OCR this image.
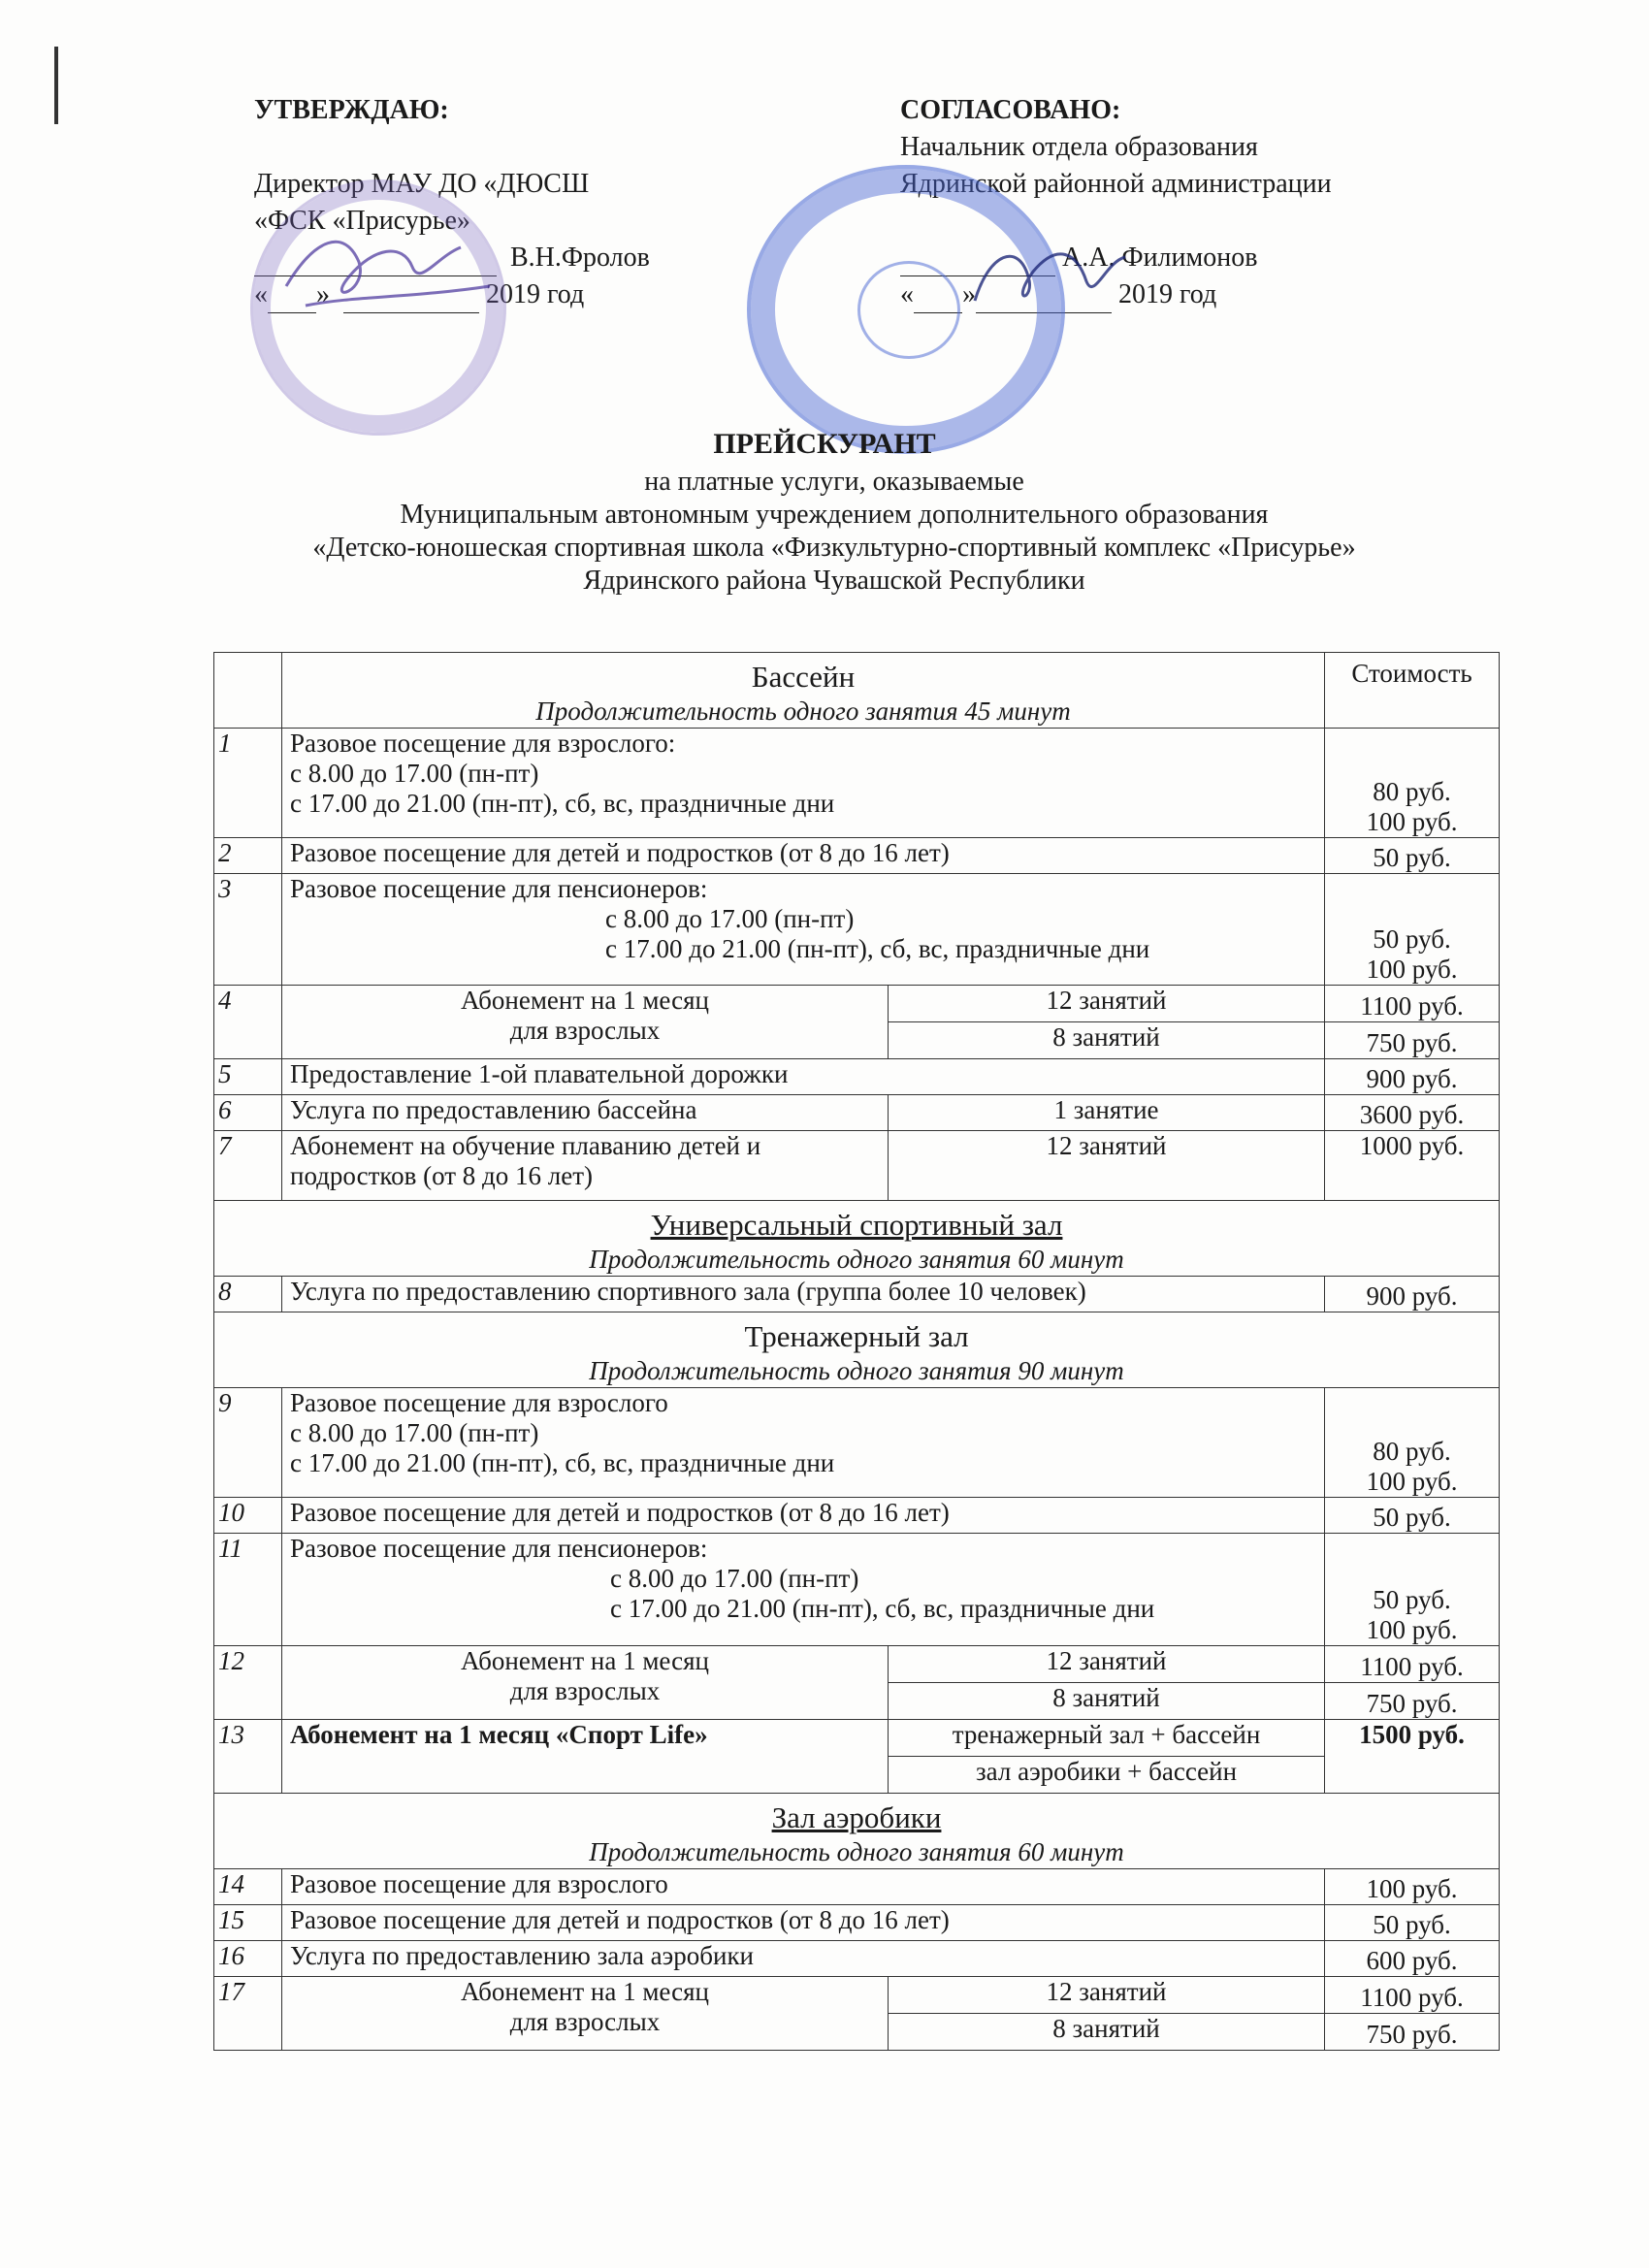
УТВЕРЖДАЮ:
Директор МАУ ДО «ДЮСШ
«ФСК «Присурье»
В.Н.Фролов
« »	2019 год
СОГЛАСОВАНО:
Начальник отдела образования
Ядринской районной администрации
А.А. Филимонов
« »	2019 год
ПРЕЙСКУРАНТ
на платные услуги, оказываемые
Муниципальным автономным учреждением дополнительного образования
«Детско-юношеская спортивная школа «Физкультурно-спортивный комплекс «Присурье»
Ядринского района Чувашской Республики

	Бассейн
Продолжительность одного занятия 45 минут		Стоимость
1	Разовое посещение для взрослого:
с 8.00 до 17.00 (пн-пт)
с 17.00 до 21.00 (пн-пт), сб, вс, праздничные дни		80 руб.
100 руб.

2	Разовое посещение для детей и подростков (от 8 до 16 лет)		50 руб.
3	Разовое посещение для пенсионеров:
с 8.00 до 17.00 (пн-пт)
с 17.00 до 21.00 (пн-пт), сб, вс, праздничные дни		50 руб.
100 руб.

4	Абонемент на 1 месяц
для взрослых	12 занятий	1100 руб.
		8 занятий	750 руб.
5	Предоставление 1-ой плавательной дорожки		900 руб.
6	Услуга по предоставлению бассейна	1 занятие	3600 руб.
7	Абонемент на обучение плаванию детей и
подростков (от 8 до 16 лет)	12 занятий	1000 руб.

Универсальный спортивный зал
Продолжительность одного занятия 60 минут			

8	Услуга по предоставлению спортивного зала (группа более 10 человек)		900 руб.

Тренажерный зал
Продолжительность одного занятия 90 минут			

9	Разовое посещение для взрослого
с 8.00 до 17.00 (пн-пт)
с 17.00 до 21.00 (пн-пт), сб, вс, праздничные дни		80 руб.
100 руб.

10	Разовое посещение для детей и подростков (от 8 до 16 лет)		50 руб.
11	Разовое посещение для пенсионеров:
с 8.00 до 17.00 (пн-пт)
с 17.00 до 21.00 (пн-пт), сб, вс, праздничные дни		50 руб.
100 руб.

12	Абонемент на 1 месяц
для взрослых	12 занятий	1100 руб.
		8 занятий	750 руб.
13	Абонемент на 1 месяц «Спорт Life»	тренажерный зал + бассейн	1500 руб.
		зал аэробики + бассейн	

Зал аэробики
Продолжительность одного занятия 60 минут			

14	Разовое посещение для взрослого		100 руб.
15	Разовое посещение для детей и подростков (от 8 до 16 лет)		50 руб.
16	Услуга по предоставлению зала аэробики		600 руб.
17	Абонемент на 1 месяц
для взрослых	12 занятий	1100 руб.
		8 занятий	750 руб.
